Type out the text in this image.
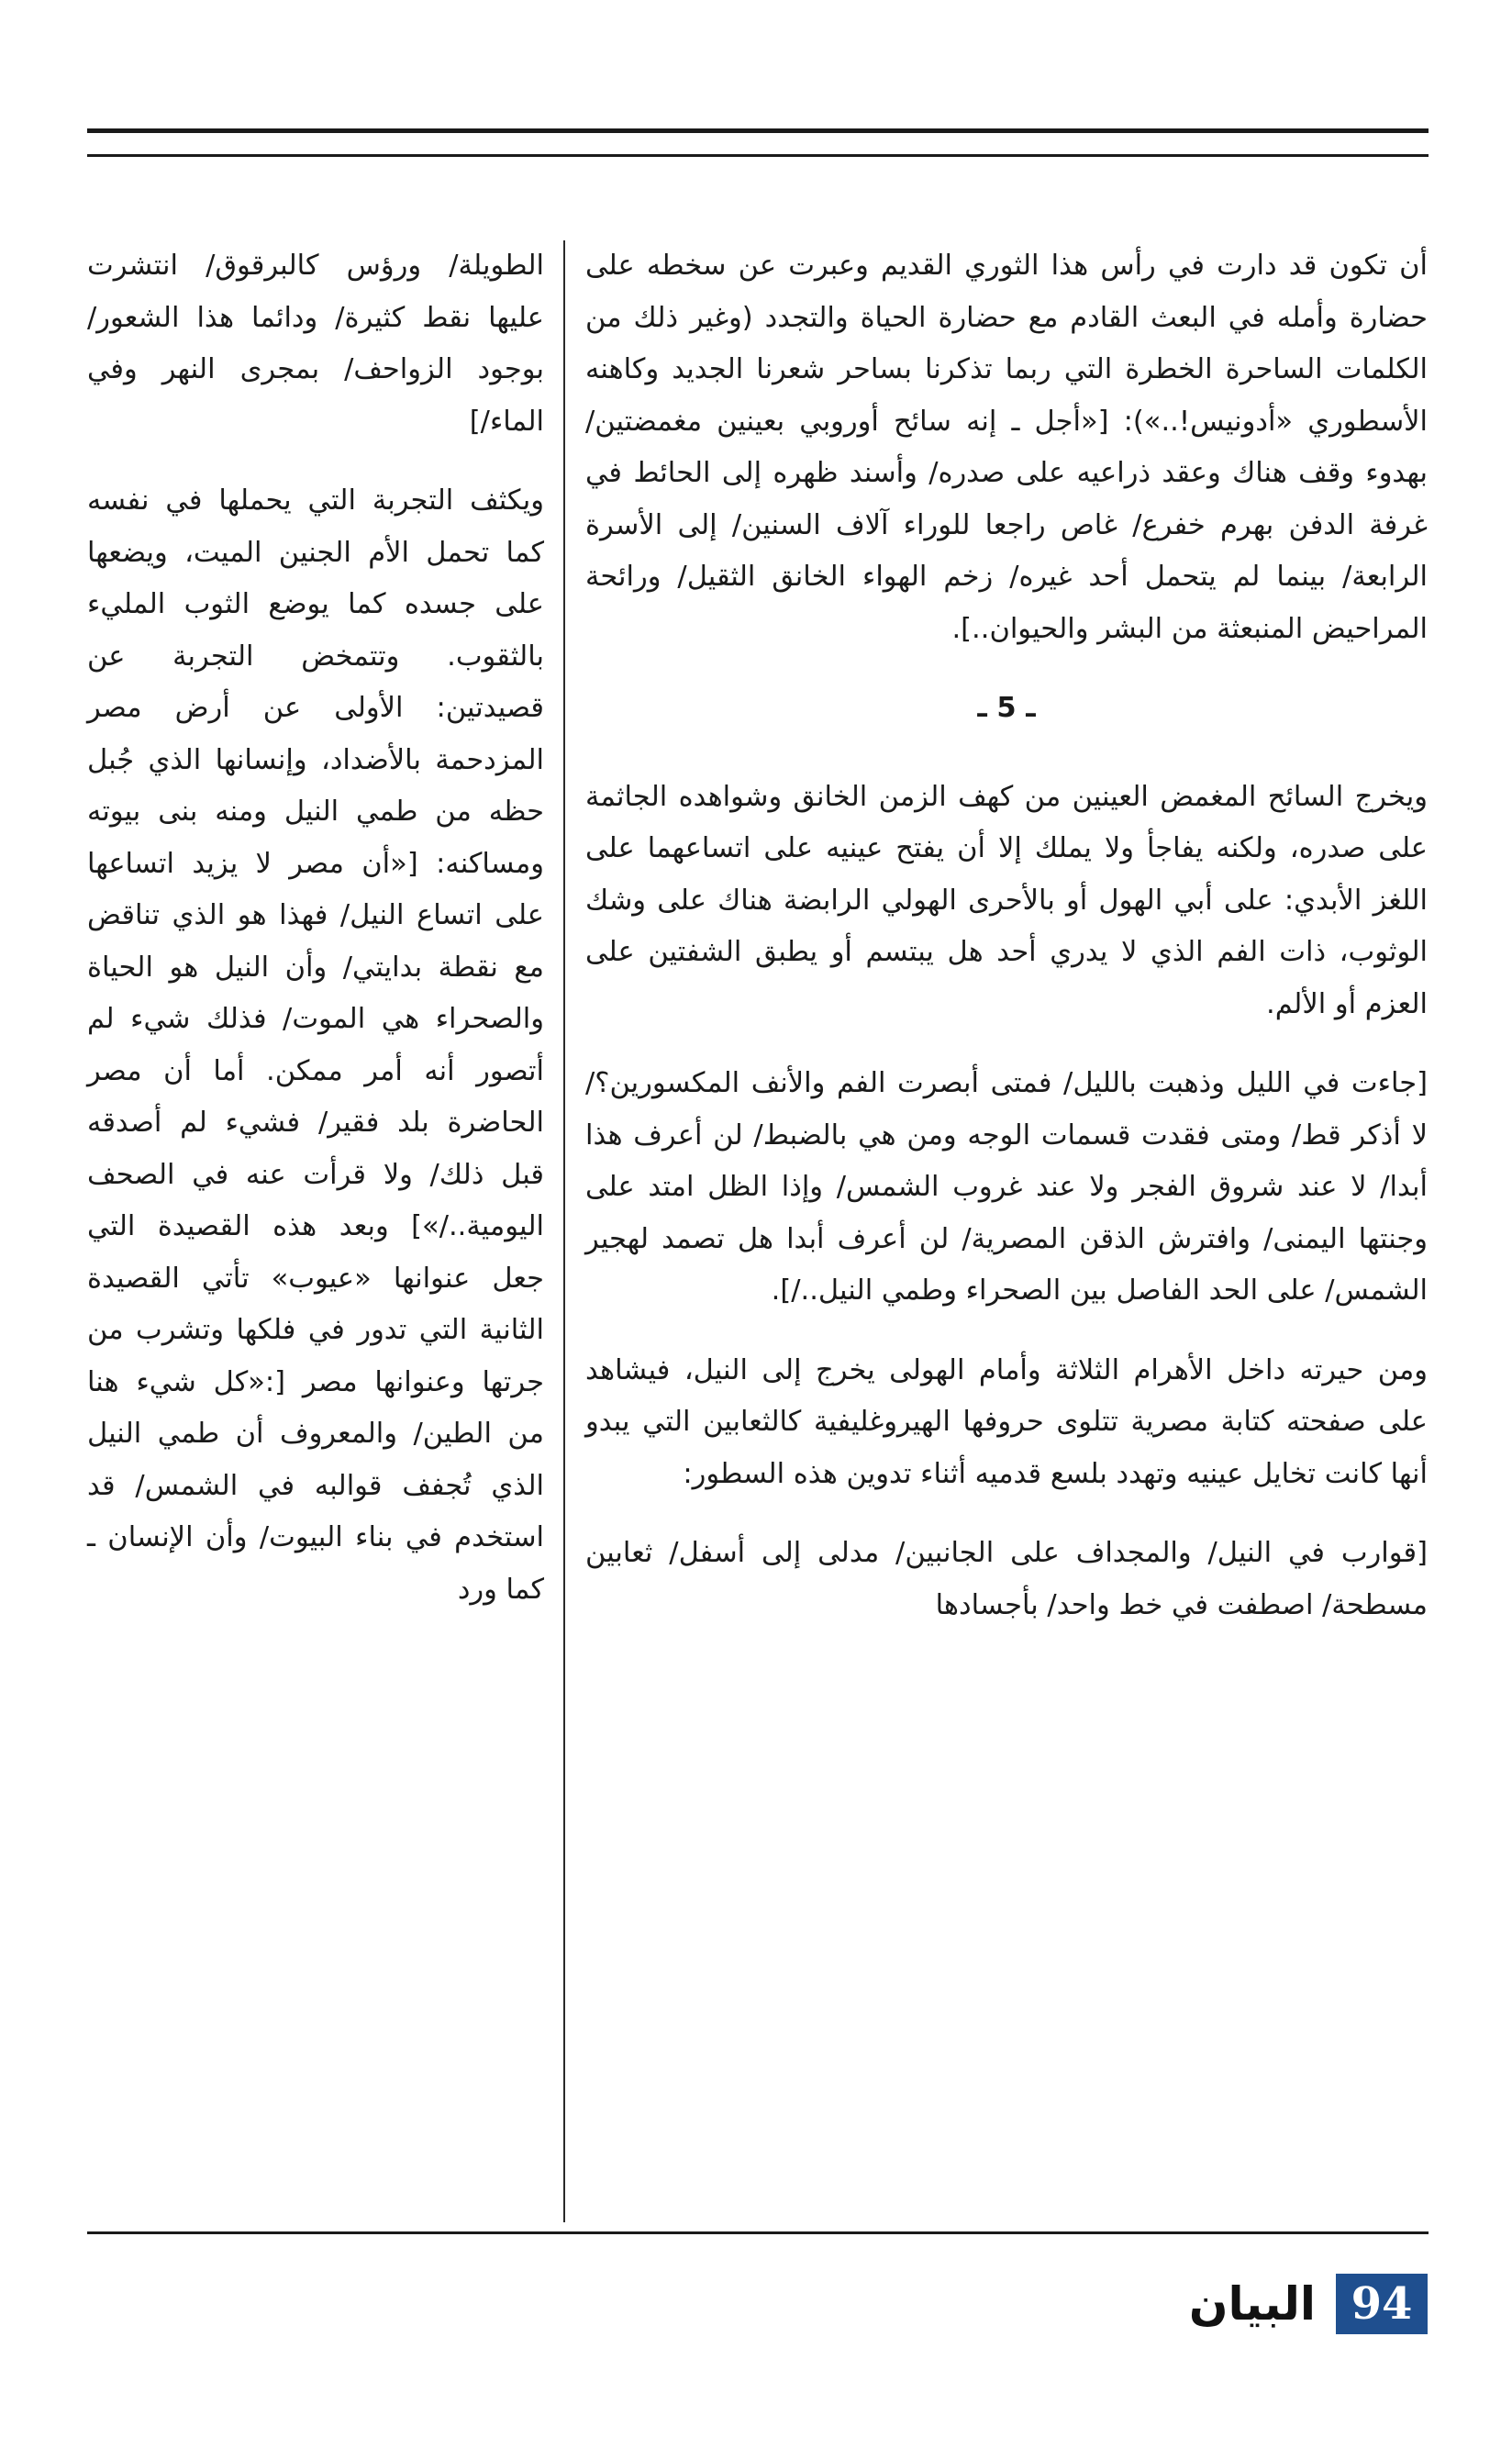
أن تكون قد دارت في رأس هذا الثوري القديم وعبرت عن سخطه على حضارة وأمله في البعث القادم مع حضارة الحياة والتجدد (وغير ذلك من الكلمات الساحرة الخطرة التي ربما تذكرنا بساحر شعرنا الجديد وكاهنه الأسطوري «أدونيس!..»): [«أجل ـ إنه سائح أوروبي بعينين مغمضتين/ بهدوء وقف هناك وعقد ذراعيه على صدره/ وأسند ظهره إلى الحائط في غرفة الدفن بهرم خفرع/ غاص راجعا للوراء آلاف السنين/ إلى الأسرة الرابعة/ بينما لم يتحمل أحد غيره/ زخم الهواء الخانق الثقيل/ ورائحة المراحيض المنبعثة من البشر والحيوان..].

ـ 5 ـ

ويخرج السائح المغمض العينين من كهف الزمن الخانق وشواهده الجاثمة على صدره، ولكنه يفاجأ ولا يملك إلا أن يفتح عينيه على اتساعهما على اللغز الأبدي: على أبي الهول أو بالأحرى الهولي الرابضة هناك على وشك الوثوب، ذات الفم الذي لا يدري أحد هل يبتسم أو يطبق الشفتين على العزم أو الألم.

[جاءت في الليل وذهبت بالليل/ فمتى أبصرت الفم والأنف المكسورين؟/ لا أذكر قط/ ومتى فقدت قسمات الوجه ومن هي بالضبط/ لن أعرف هذا أبدا/ لا عند شروق الفجر ولا عند غروب الشمس/ وإذا الظل امتد على وجنتها اليمنى/ وافترش الذقن المصرية/ لن أعرف أبدا هل تصمد لهجير الشمس/ على الحد الفاصل بين الصحراء وطمي النيل../].

ومن حيرته داخل الأهرام الثلاثة وأمام الهولى يخرج إلى النيل، فيشاهد على صفحته كتابة مصرية تتلوى حروفها الهيروغليفية كالثعابين التي يبدو أنها كانت تخايل عينيه وتهدد بلسع قدميه أثناء تدوين هذه السطور:

[قوارب في النيل/ والمجداف على الجانبين/ مدلى إلى أسفل/ ثعابين مسطحة/ اصطفت في خط واحد/ بأجسادها

الطويلة/ ورؤس كالبرقوق/ انتشرت عليها نقط كثيرة/ ودائما هذا الشعور/ بوجود الزواحف/ بمجرى النهر وفي الماء/]

ويكثف التجربة التي يحملها في نفسه كما تحمل الأم الجنين الميت، ويضعها على جسده كما يوضع الثوب المليء بالثقوب. وتتمخض التجربة عن قصيدتين: الأولى عن أرض مصر المزدحمة بالأضداد، وإنسانها الذي جُبل حظه من طمي النيل ومنه بنى بيوته ومساكنه: [«أن مصر لا يزيد اتساعها على اتساع النيل/ فهذا هو الذي تناقض مع نقطة بدايتي/ وأن النيل هو الحياة والصحراء هي الموت/ فذلك شيء لم أتصور أنه أمر ممكن. أما أن مصر الحاضرة بلد فقير/ فشيء لم أصدقه قبل ذلك/ ولا قرأت عنه في الصحف اليومية../»] وبعد هذه القصيدة التي جعل عنوانها «عيوب» تأتي القصيدة الثانية التي تدور في فلكها وتشرب من جرتها وعنوانها مصر [:«كل شيء هنا من الطين/ والمعروف أن طمي النيل الذي تُجفف قوالبه في الشمس/ قد استخدم في بناء البيوت/ وأن الإنسان ـ كما ورد

94
البيان
